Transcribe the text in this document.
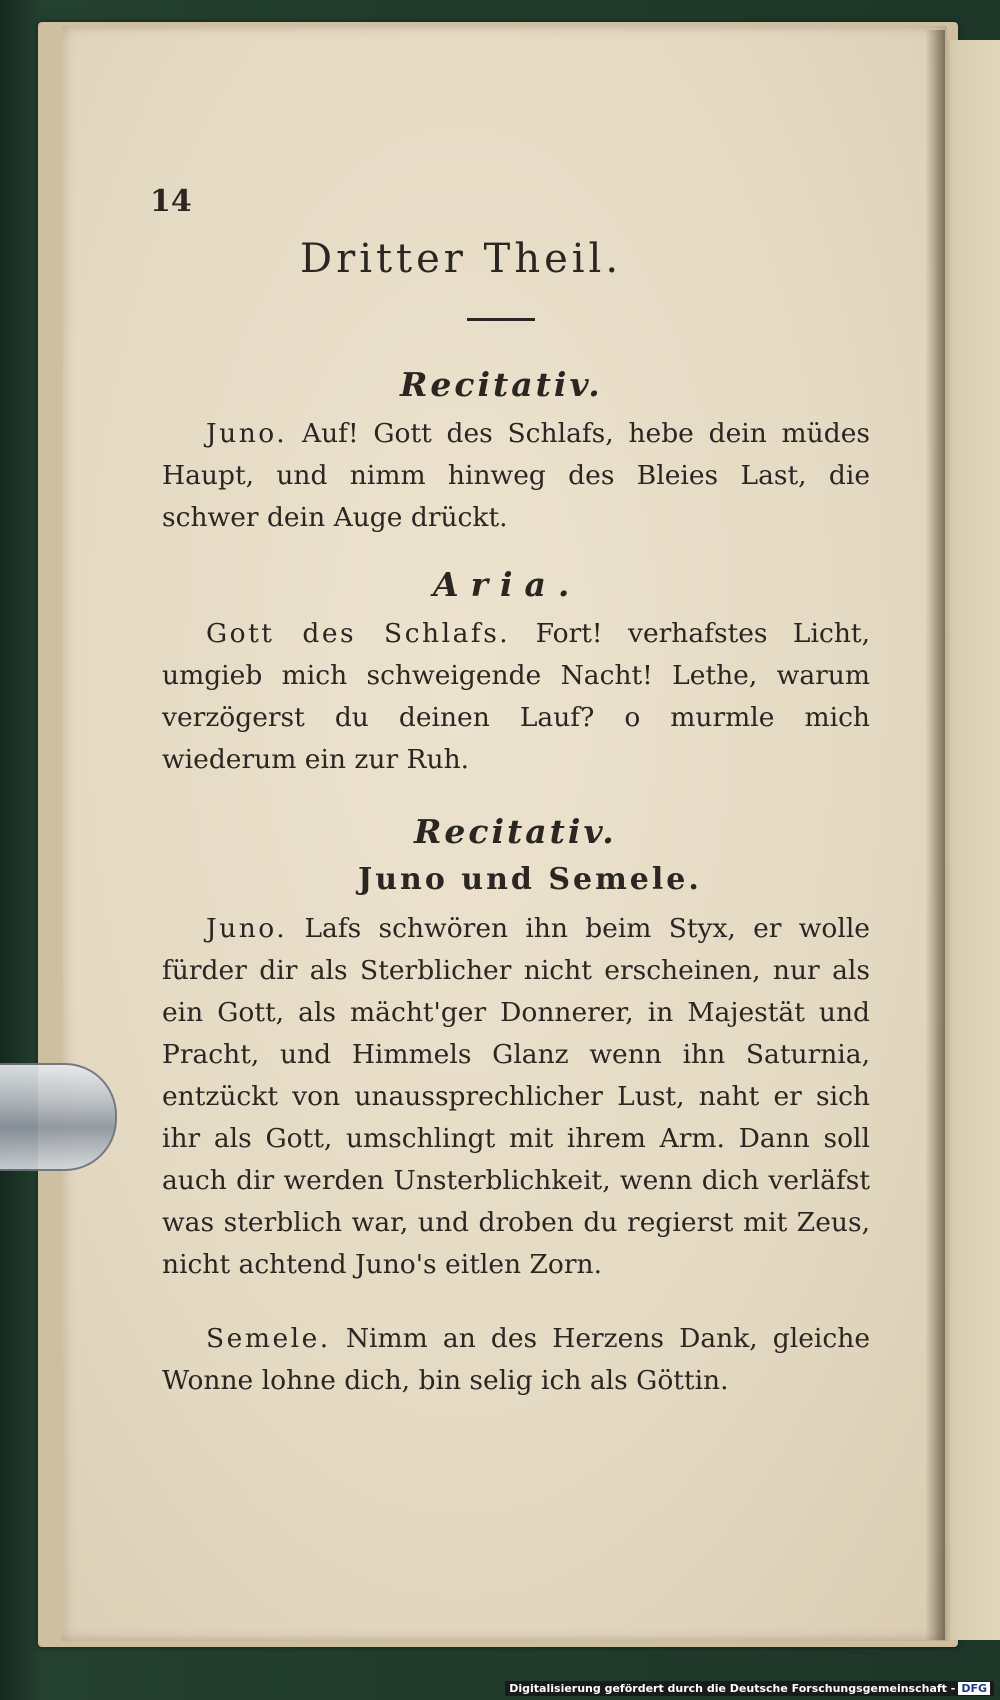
14

Dritter Theil.
Recitativ.

Juno. Auf! Gott des Schlafs, hebe dein müdes Haupt, und nimm hinweg des Bleies Last, die schwer dein Auge drückt.

Aria.

Gott des Schlafs. Fort! verhafstes Licht, umgieb mich schweigende Nacht! Lethe, warum verzögerst du deinen Lauf? o murmle mich wiederum ein zur Ruh.

Recitativ.
Juno und Semele.

Juno. Lafs schwören ihn beim Styx, er wolle fürder dir als Sterblicher nicht erscheinen, nur als ein Gott, als mächt'ger Donnerer, in Majestät und Pracht, und Himmels Glanz wenn ihn Saturnia, entzückt von unaussprechlicher Lust, naht er sich ihr als Gott, umschlingt mit ihrem Arm. Dann soll auch dir werden Unsterblichkeit, wenn dich verläfst was sterblich war, und droben du regierst mit Zeus, nicht achtend Juno's eitlen Zorn.

Semele. Nimm an des Herzens Dank, gleiche Wonne lohne dich, bin selig ich als Göttin.

Digitalisierung gefördert durch die Deutsche Forschungsgemeinschaft - DFG
